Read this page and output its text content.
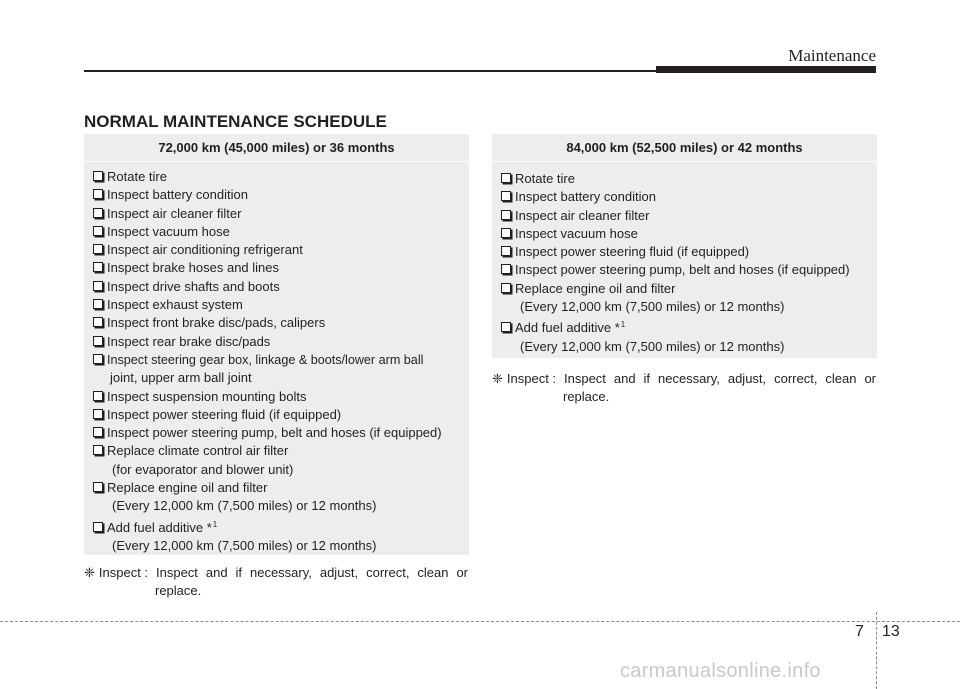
Maintenance
NORMAL MAINTENANCE SCHEDULE
72,000 km (45,000 miles) or 36 months
Rotate tire
Inspect battery condition
Inspect air cleaner filter
Inspect vacuum hose
Inspect air conditioning refrigerant
Inspect brake hoses and lines
Inspect drive shafts and boots
Inspect exhaust system
Inspect front brake disc/pads, calipers
Inspect rear brake disc/pads
Inspect steering gear box, linkage & boots/lower arm ball
joint, upper arm ball joint
Inspect suspension mounting bolts
Inspect power steering fluid (if equipped)
Inspect power steering pump, belt and hoses (if equipped)
Replace climate control air filter
(for evaporator and blower unit)
Replace engine oil and filter
(Every 12,000 km (7,500 miles) or 12 months)
Add fuel additive *$^1$
(Every 12,000 km (7,500 miles) or 12 months)
❈ Inspect : Inspect and if necessary, adjust, correct, clean or
replace.
84,000 km (52,500 miles) or 42 months
Rotate tire
Inspect battery condition
Inspect air cleaner filter
Inspect vacuum hose
Inspect power steering fluid (if equipped)
Inspect power steering pump, belt and hoses (if equipped)
Replace engine oil and filter
(Every 12,000 km (7,500 miles) or 12 months)
Add fuel additive *$^1$
(Every 12,000 km (7,500 miles) or 12 months)
❈ Inspect : Inspect and if necessary, adjust, correct, clean or
replace.
7 13
carmanualsonline.info
